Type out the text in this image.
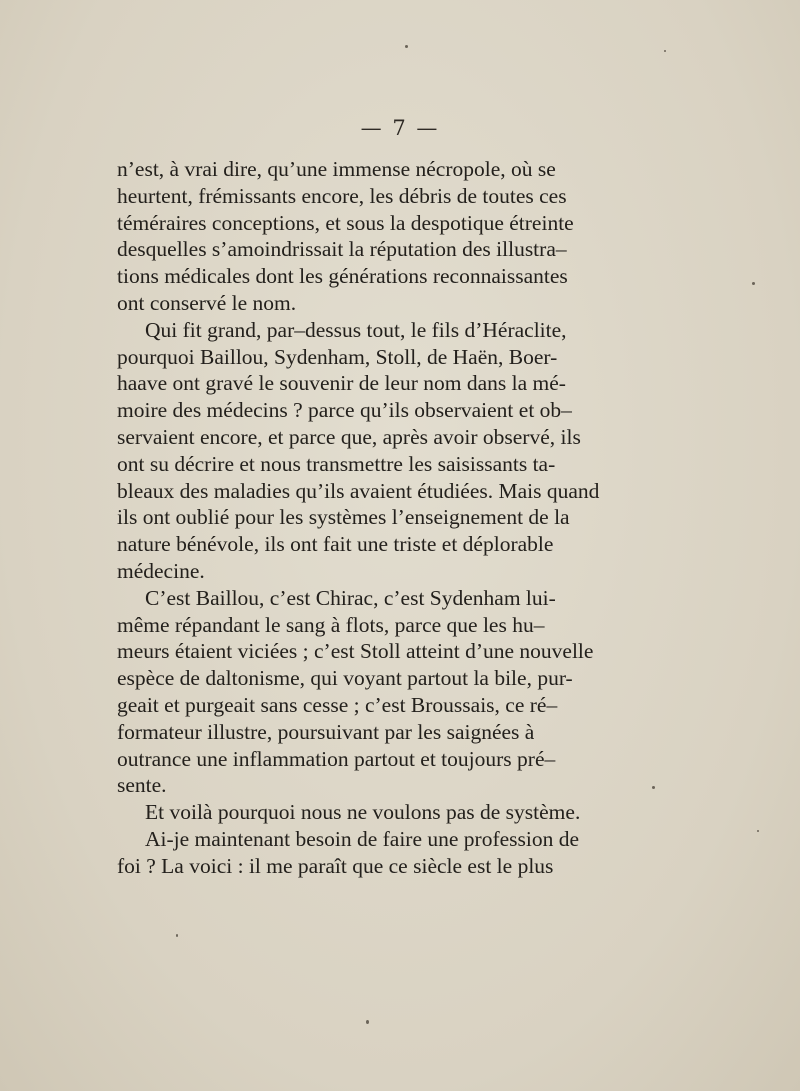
— 7 —
n’est, à vrai dire, qu’une immense nécropole, où se
heurtent, frémissants encore, les débris de toutes ces
téméraires conceptions, et sous la despotique étreinte
desquelles s’amoindrissait la réputation des illustra–
tions médicales dont les générations reconnaissantes
ont conservé le nom.
Qui fit grand, par–dessus tout, le fils d’Héraclite,
pourquoi Baillou, Sydenham, Stoll, de Haën, Boer-
haave ont gravé le souvenir de leur nom dans la mé-
moire des médecins ? parce qu’ils observaient et ob–
servaient encore, et parce que, après avoir observé, ils
ont su décrire et nous transmettre les saisissants ta-
bleaux des maladies qu’ils avaient étudiées. Mais quand
ils ont oublié pour les systèmes l’enseignement de la
nature bénévole, ils ont fait une triste et déplorable
médecine.
C’est Baillou, c’est Chirac, c’est Sydenham lui-
même répandant le sang à flots, parce que les hu–
meurs étaient viciées ; c’est Stoll atteint d’une nouvelle
espèce de daltonisme, qui voyant partout la bile, pur-
geait et purgeait sans cesse ; c’est Broussais, ce ré–
formateur illustre, poursuivant par les saignées à
outrance une inflammation partout et toujours pré–
sente.
Et voilà pourquoi nous ne voulons pas de système.
Ai-je maintenant besoin de faire une profession de
foi ? La voici : il me paraît que ce siècle est le plus
